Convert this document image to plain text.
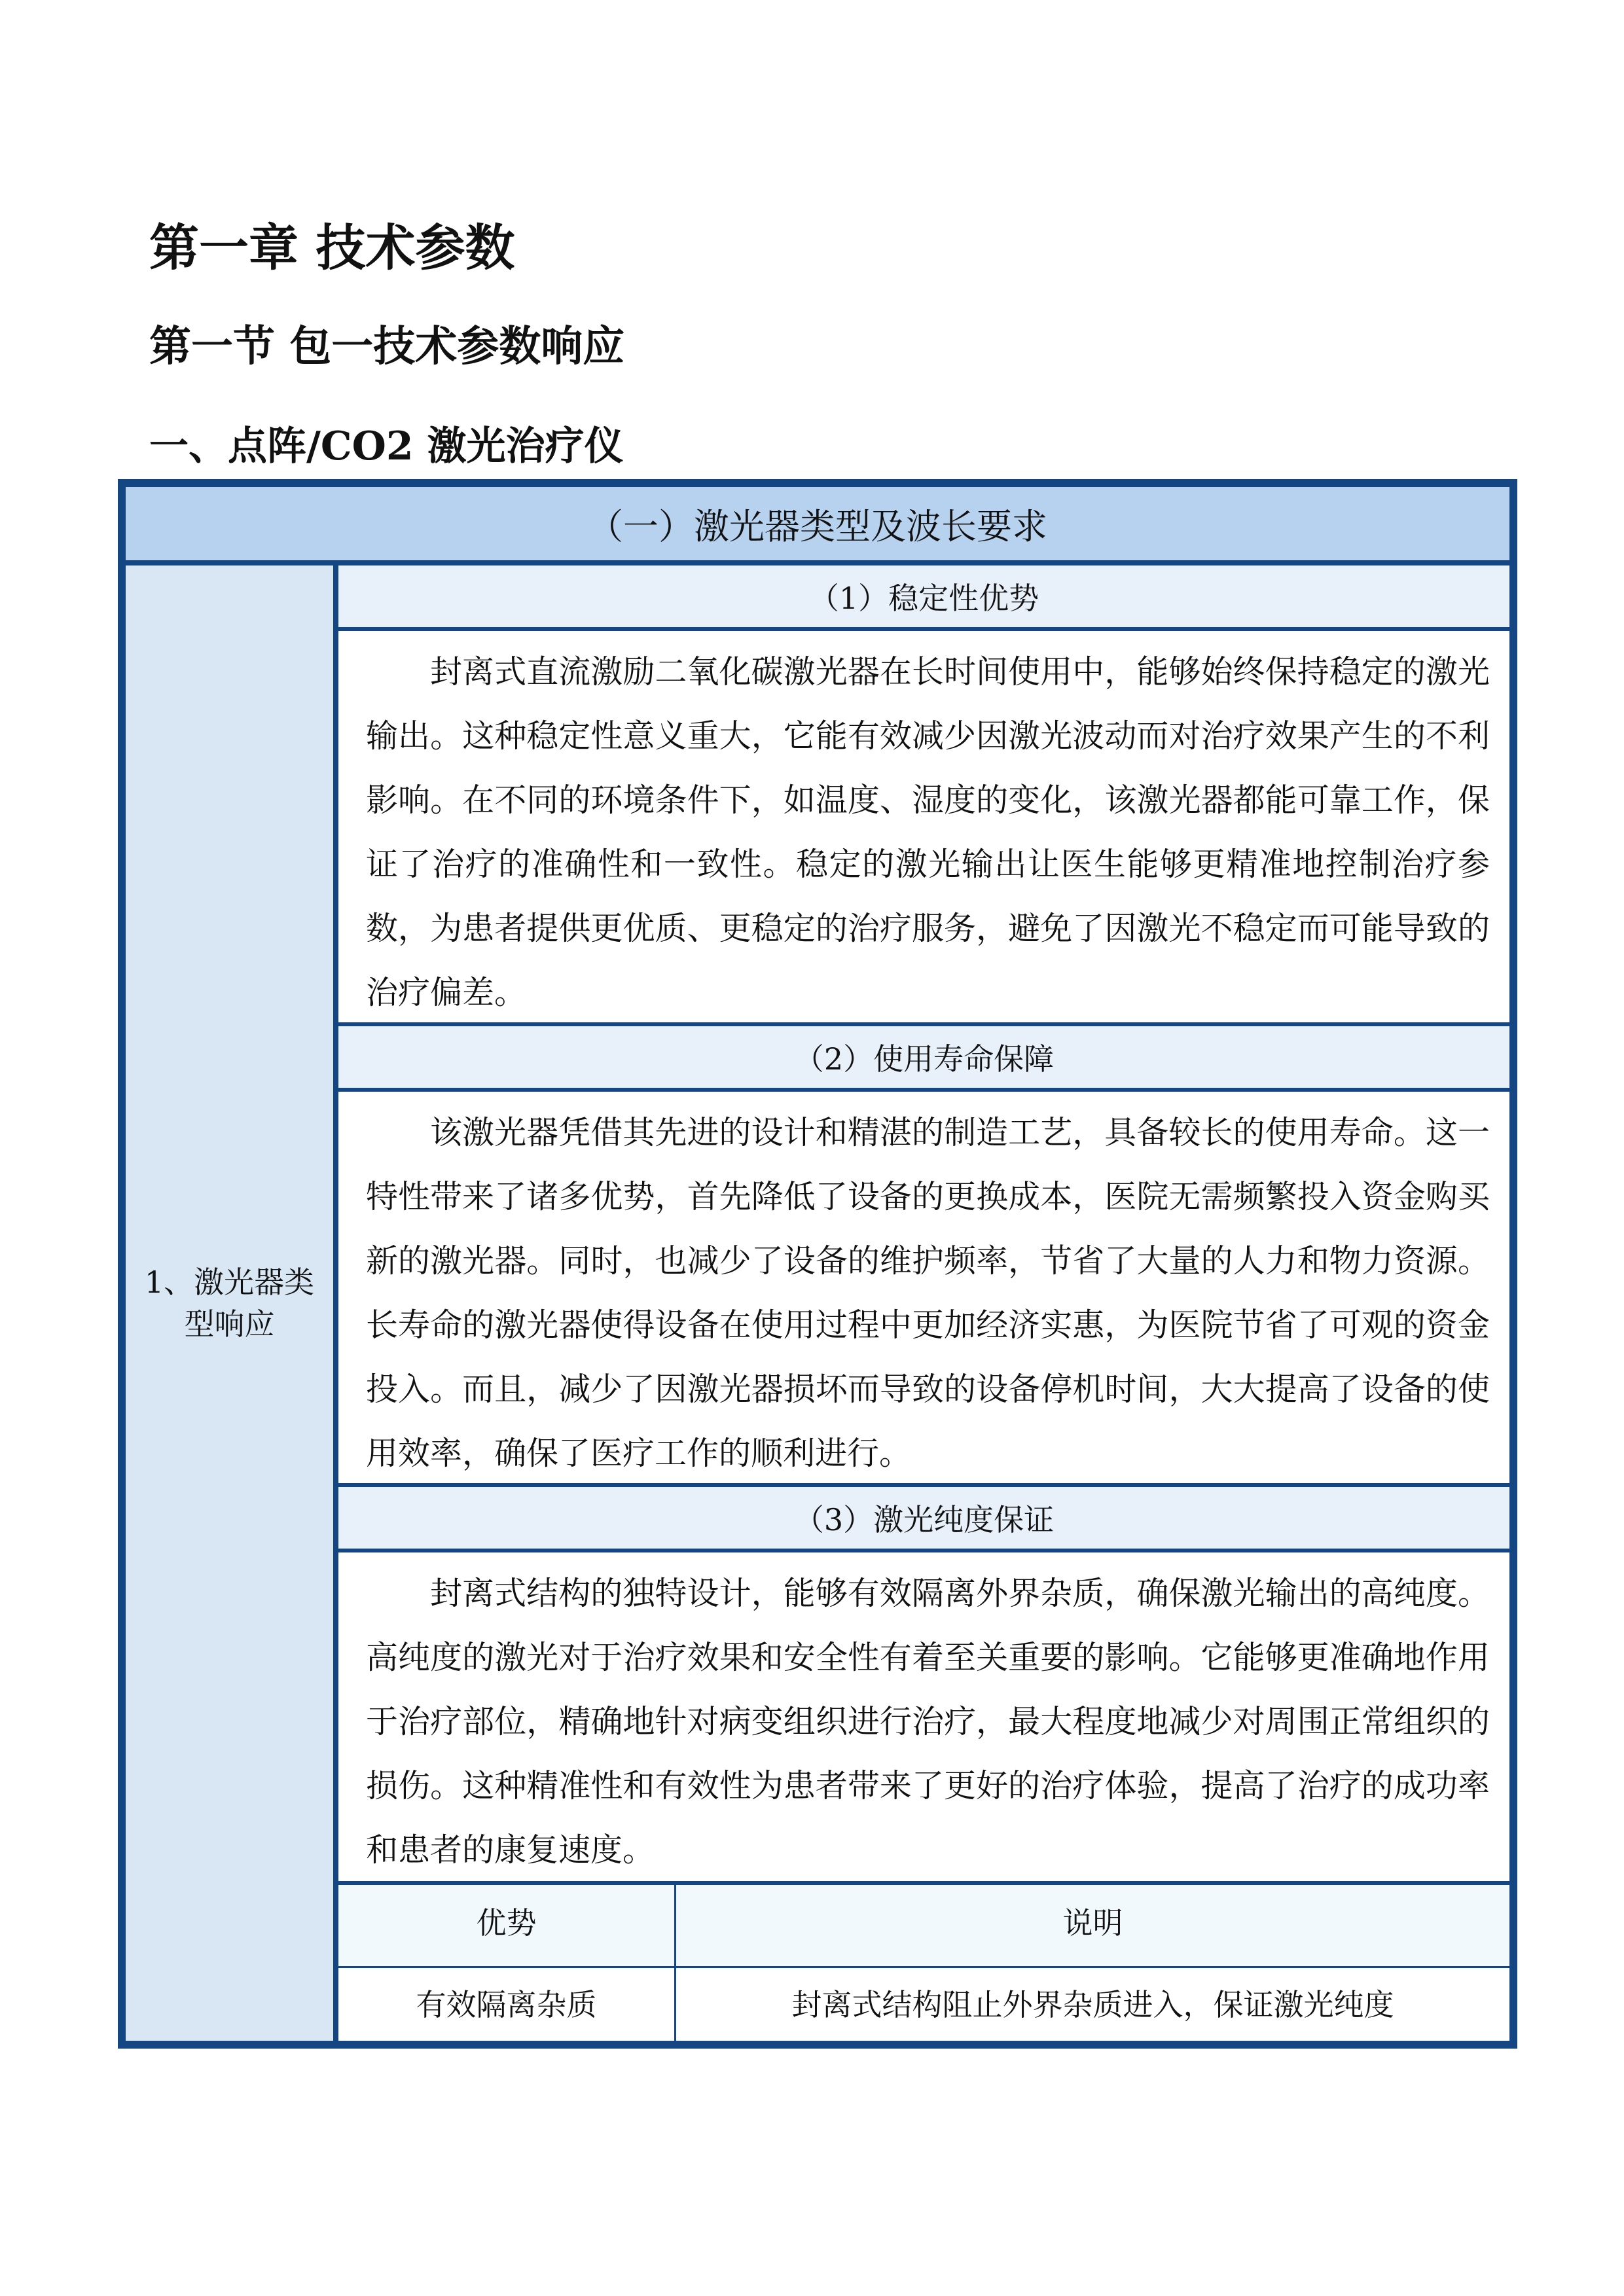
第一章 技术参数
第一节 包一技术参数响应
一、点阵/CO2 激光治疗仪
（一）激光器类型及波长要求
1、激光器类型响应
（1）稳定性优势
封离式直流激励二氧化碳激光器在长时间使用中，能够始终保持稳定的激光输出。这种稳定性意义重大，它能有效减少因激光波动而对治疗效果产生的不利影响。在不同的环境条件下，如温度、湿度的变化，该激光器都能可靠工作，保证了治疗的准确性和一致性。稳定的激光输出让医生能够更精准地控制治疗参数，为患者提供更优质、更稳定的治疗服务，避免了因激光不稳定而可能导致的治疗偏差。
（2）使用寿命保障
该激光器凭借其先进的设计和精湛的制造工艺，具备较长的使用寿命。这一特性带来了诸多优势，首先降低了设备的更换成本，医院无需频繁投入资金购买新的激光器。同时，也减少了设备的维护频率，节省了大量的人力和物力资源。长寿命的激光器使得设备在使用过程中更加经济实惠，为医院节省了可观的资金投入。而且，减少了因激光器损坏而导致的设备停机时间，大大提高了设备的使用效率，确保了医疗工作的顺利进行。
（3）激光纯度保证
封离式结构的独特设计，能够有效隔离外界杂质，确保激光输出的高纯度。高纯度的激光对于治疗效果和安全性有着至关重要的影响。它能够更准确地作用于治疗部位，精确地针对病变组织进行治疗，最大程度地减少对周围正常组织的损伤。这种精准性和有效性为患者带来了更好的治疗体验，提高了治疗的成功率和患者的康复速度。
优势	说明
有效隔离杂质	封离式结构阻止外界杂质进入，保证激光纯度
